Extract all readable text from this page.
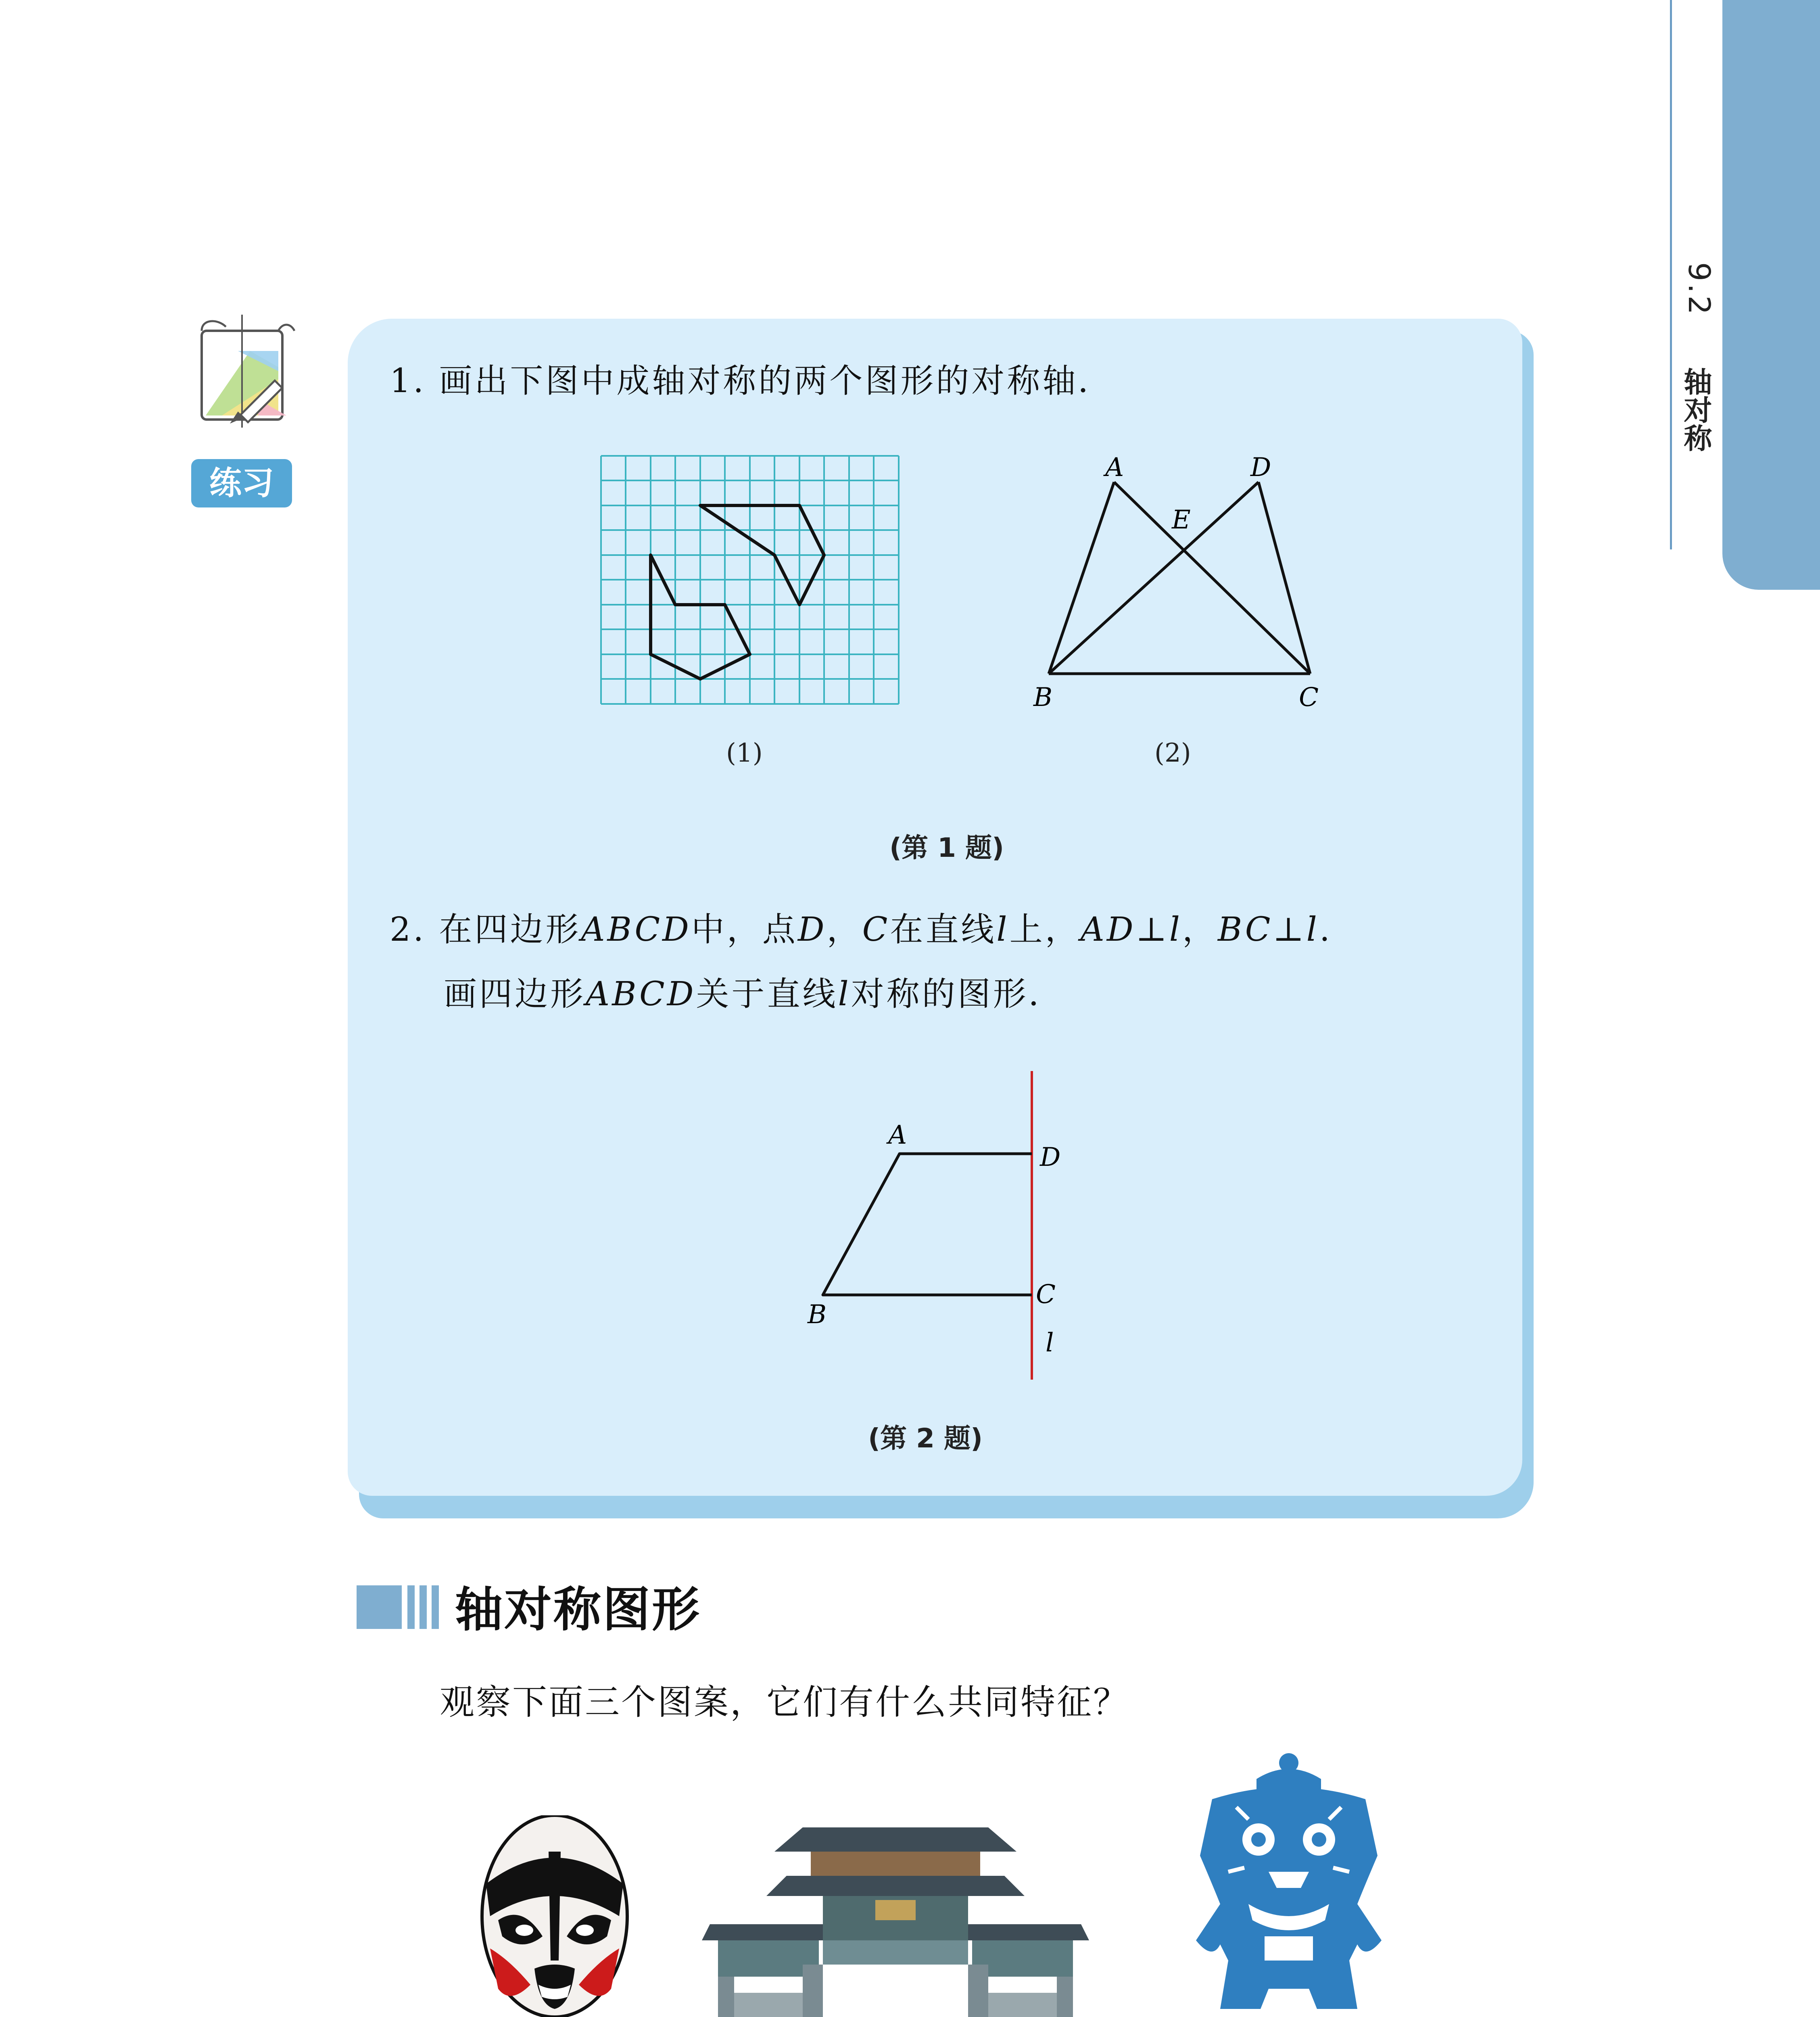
9.2
轴对称
练习
1. 画出下图中成轴对称的两个图形的对称轴．
(1)
A	D
E
B	C
(2)
(第 1 题)
2. 在四边形ABCD中，点D，C在直线l上，AD⊥l，BC⊥l.
画四边形ABCD关于直线l对称的图形．
A
D
B
C
l
(第 2 题)
轴对称图形
观察下面三个图案，它们有什么共同特征？
